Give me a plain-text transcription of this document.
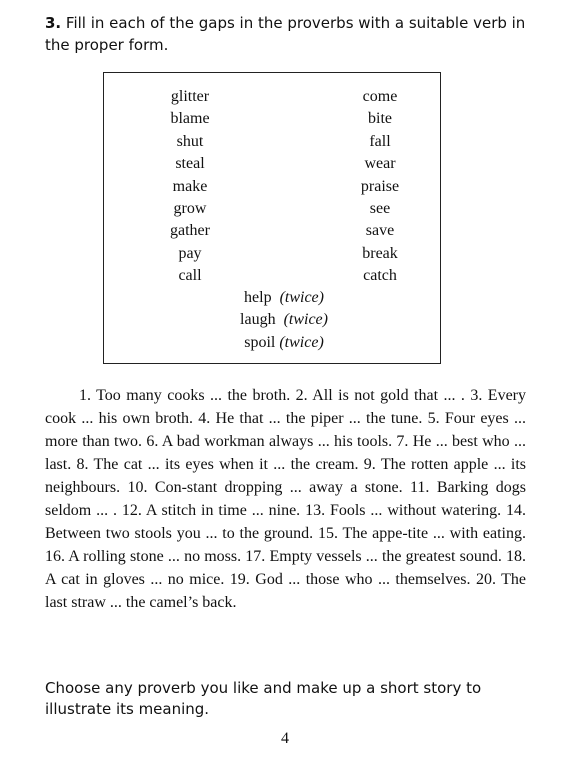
3. Fill in each of the gaps in the proverbs with a suitable verb in the proper form.
glitter
blame
shut
steal
make
grow
gather
pay
call
come
bite
fall
wear
praise
see
save
break
catch
help (twice)
laugh (twice)
spoil (twice)

1. Too many cooks ... the broth. 2. All is not gold that ... . 3. Every cook ... his own broth. 4. He that ... the piper ... the tune. 5. Four eyes ... more than two. 6. A bad workman always ... his tools. 7. He ... best who ... last. 8. The cat ... its eyes when it ... the cream. 9. The rotten apple ... its neighbours. 10. Con-stant dropping ... away a stone. 11. Barking dogs seldom ... . 12. A stitch in time ... nine. 13. Fools ... without watering. 14. Between two stools you ... to the ground. 15. The appe-tite ... with eating. 16. A rolling stone ... no moss. 17. Empty vessels ... the greatest sound. 18. A cat in gloves ... no mice. 19. God ... those who ... themselves. 20. The last straw ... the camel’s back.

Choose any proverb you like and make up a short story to illustrate its meaning.
4
